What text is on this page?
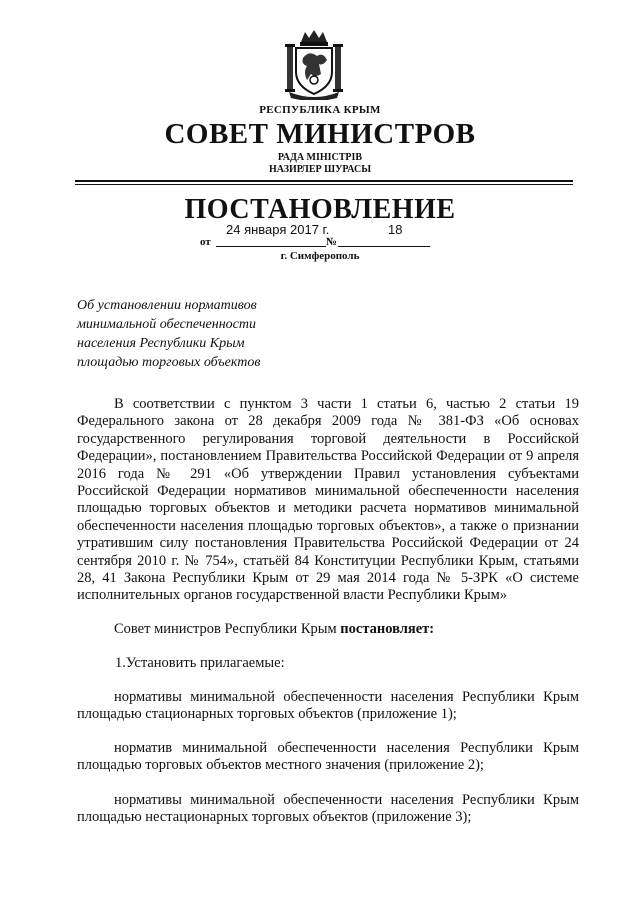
РЕСПУБЛИКА КРЫМ
СОВЕТ МИНИСТРОВ
РАДА МІНІСТРІВ
НАЗИРЛЕР ШУРАСЫ
ПОСТАНОВЛЕНИЕ
24 января 2017 г.	18
от	№
г. Симферополь
Об установлении нормативов
минимальной обеспеченности
населения Республики Крым
площадью торговых объектов
В соответствии с пунктом 3 части 1 статьи 6, частью 2 статьи 19 Федерального закона от 28 декабря 2009 года № 381-ФЗ «Об основах государственного регулирования торговой деятельности в Российской Федерации», постановлением Правительства Российской Федерации от 9 апреля 2016 года № 291 «Об утверждении Правил установления субъектами Российской Федерации нормативов минимальной обеспеченности населения площадью торговых объектов и методики расчета нормативов минимальной обеспеченности населения площадью торговых объектов», а также о признании утратившим силу постановления Правительства Российской Федерации от 24 сентября 2010 г. № 754», статьёй 84 Конституции Республики Крым, статьями 28, 41 Закона Республики Крым от 29 мая 2014 года № 5-ЗРК «О системе исполнительных органов государственной власти Республики Крым»
Совет министров Республики Крым постановляет:
1.Установить прилагаемые:
нормативы минимальной обеспеченности населения Республики Крым площадью стационарных торговых объектов (приложение 1);
норматив минимальной обеспеченности населения Республики Крым площадью торговых объектов местного значения (приложение 2);
нормативы минимальной обеспеченности населения Республики Крым площадью нестационарных торговых объектов (приложение 3);
